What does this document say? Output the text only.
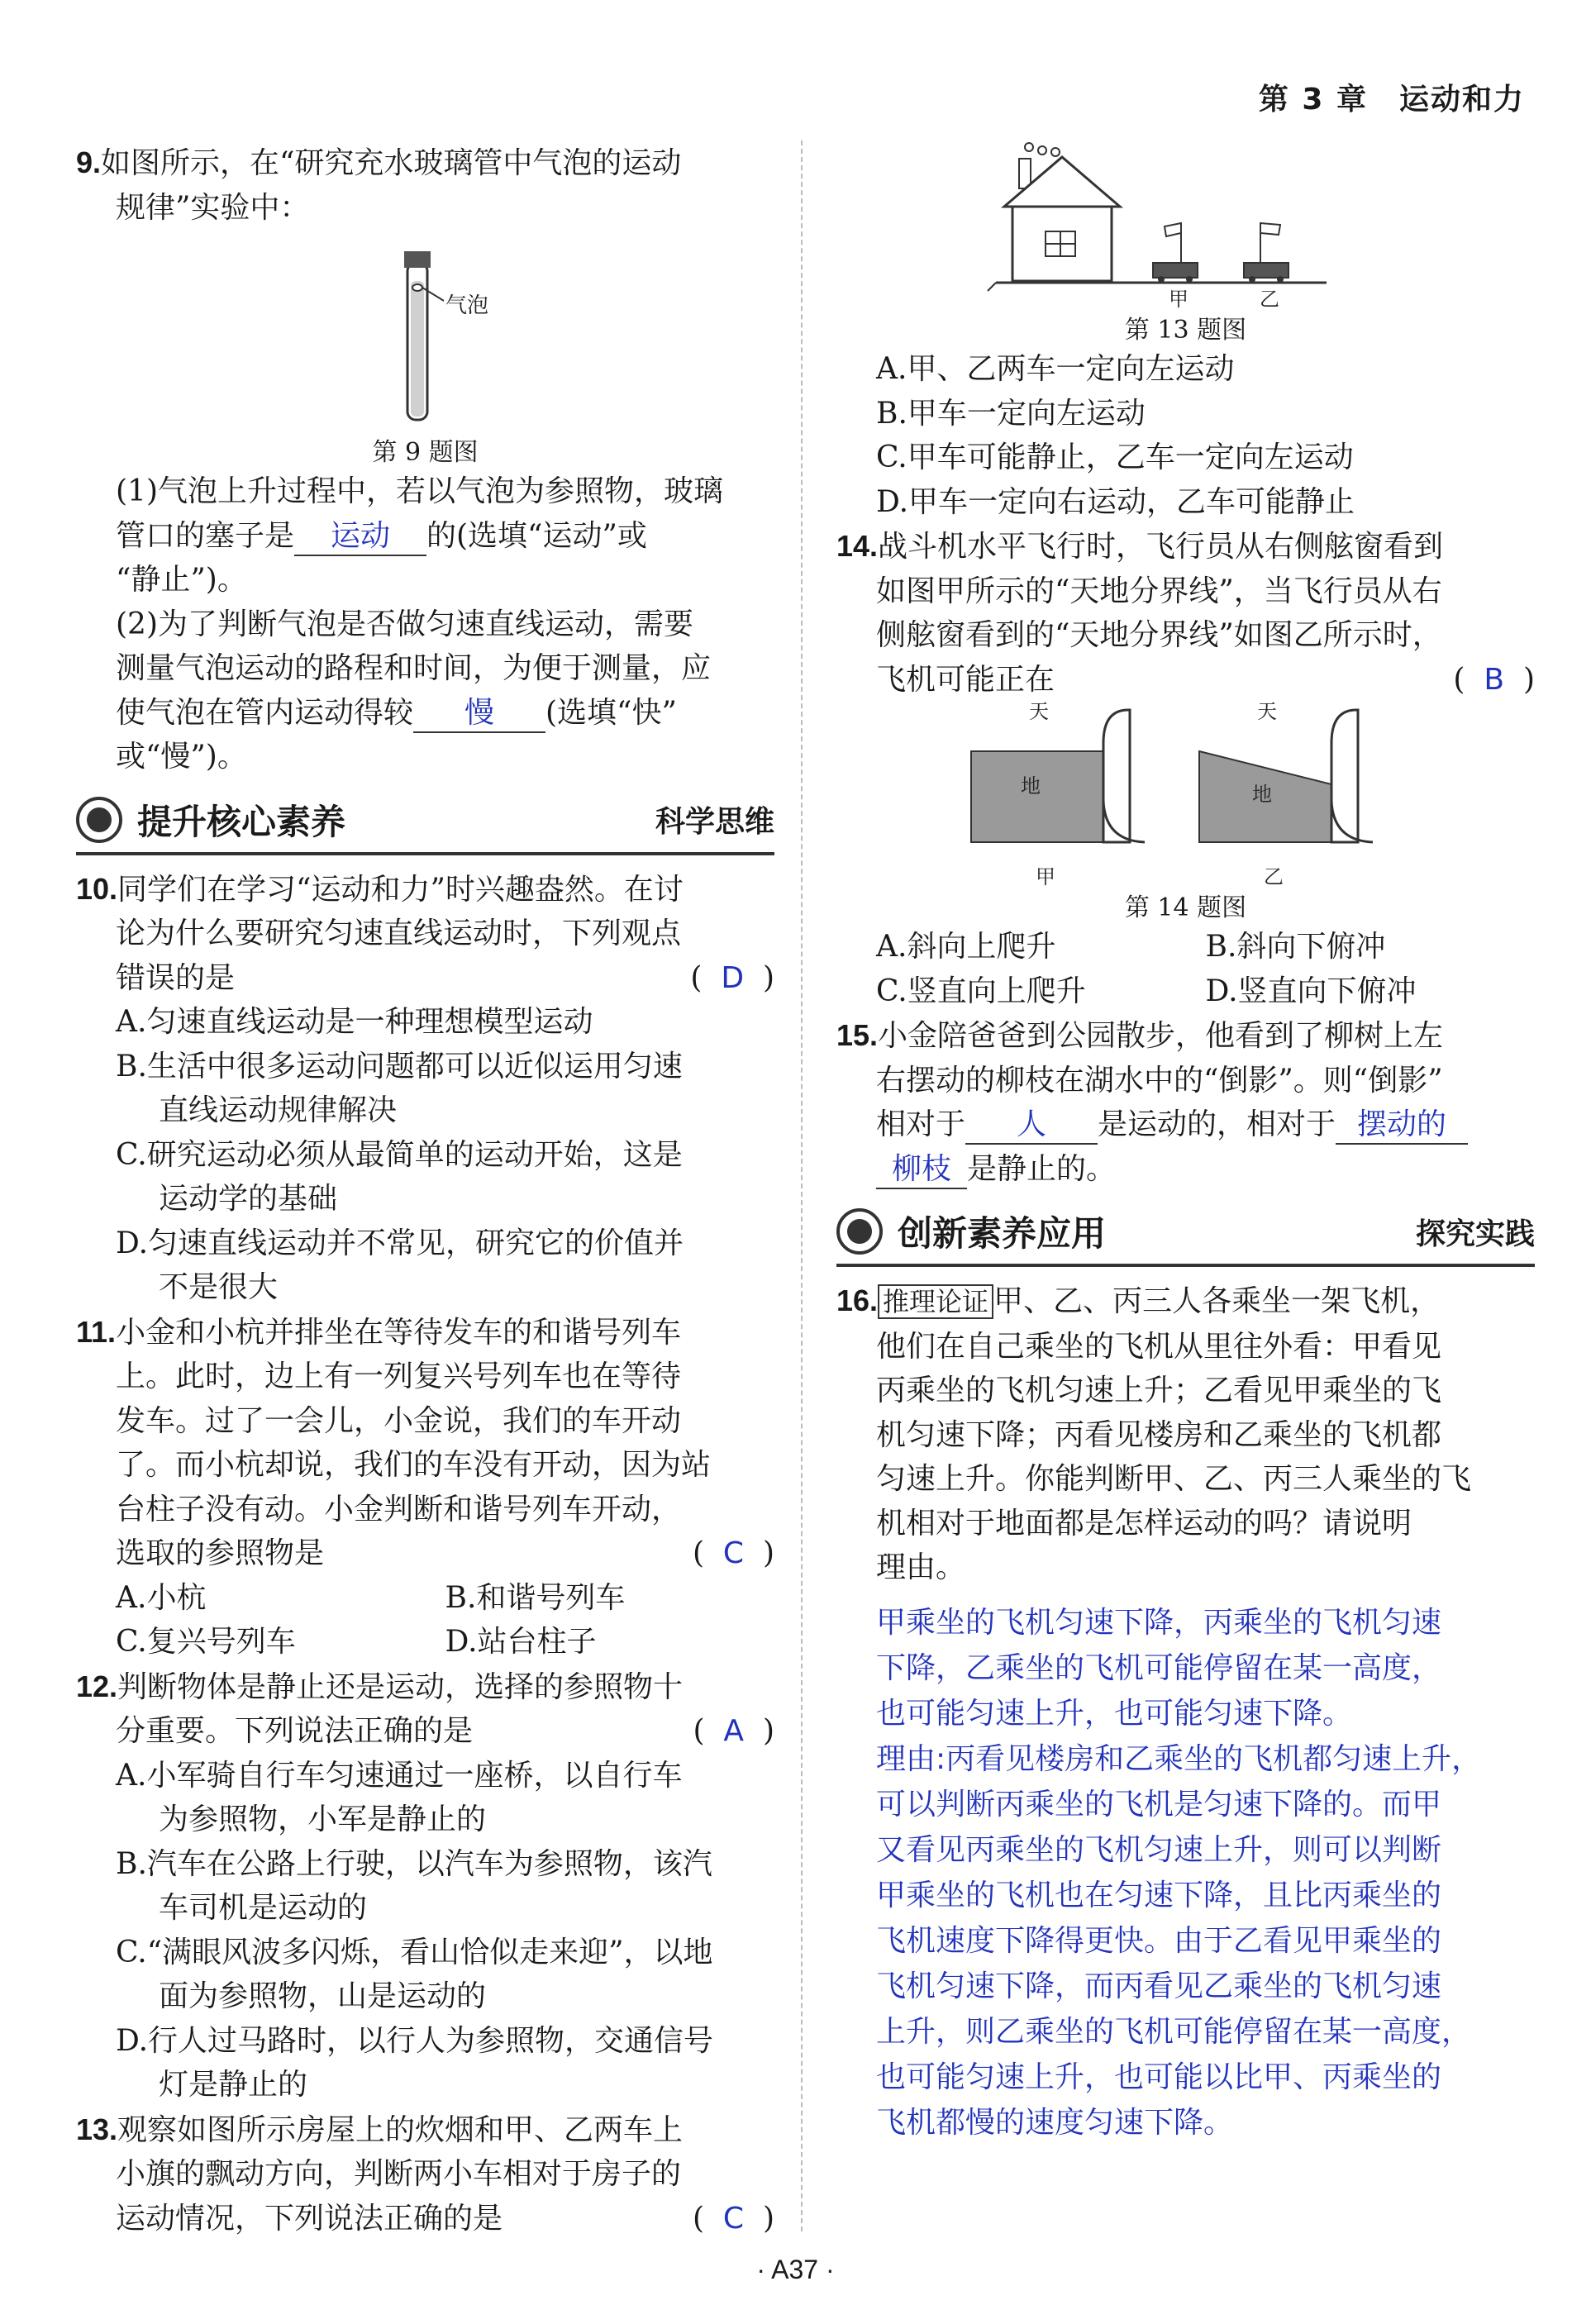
第 3 章　运动和力

9.如图所示，在“研究充水玻璃管中气泡的运动

规律”实验中：

气泡
第 9 题图

(1)气泡上升过程中，若以气泡为参照物，玻璃

管口的塞子是 运动 的(选填“运动”或

“静止”)。

(2)为了判断气泡是否做匀速直线运动，需要

测量气泡运动的路程和时间，为便于测量，应

使气泡在管内运动得较 慢 (选填“快”

或“慢”)。

提升核心素养	科学思维

10.同学们在学习“运动和力”时兴趣盎然。在讨

论为什么要研究匀速直线运动时，下列观点

错误的是	(  D  )

A.匀速直线运动是一种理想模型运动

B.生活中很多运动问题都可以近似运用匀速

直线运动规律解决

C.研究运动必须从最简单的运动开始，这是

运动学的基础

D.匀速直线运动并不常见，研究它的价值并

不是很大

11.小金和小杭并排坐在等待发车的和谐号列车

上。此时，边上有一列复兴号列车也在等待

发车。过了一会儿，小金说，我们的车开动

了。而小杭却说，我们的车没有开动，因为站

台柱子没有动。小金判断和谐号列车开动，

选取的参照物是	(  C  )

A.小杭	B.和谐号列车

C.复兴号列车	D.站台柱子

12.判断物体是静止还是运动，选择的参照物十

分重要。下列说法正确的是	(  A  )

A.小军骑自行车匀速通过一座桥，以自行车

为参照物，小军是静止的

B.汽车在公路上行驶，以汽车为参照物，该汽

车司机是运动的

C.“满眼风波多闪烁，看山恰似走来迎”，以地

面为参照物，山是运动的

D.行人过马路时，以行人为参照物，交通信号

灯是静止的

13.观察如图所示房屋上的炊烟和甲、乙两车上

小旗的飘动方向，判断两小车相对于房子的

运动情况，下列说法正确的是	(  C  )

甲	乙
第 13 题图

A.甲、乙两车一定向左运动

B.甲车一定向左运动

C.甲车可能静止，乙车一定向左运动

D.甲车一定向右运动，乙车可能静止

14.战斗机水平飞行时，飞行员从右侧舷窗看到

如图甲所示的“天地分界线”，当飞行员从右

侧舷窗看到的“天地分界线”如图乙所示时，

飞机可能正在	(  B  )

天
地
甲
天
地
乙
第 14 题图

A.斜向上爬升	B.斜向下俯冲

C.竖直向上爬升	D.竖直向下俯冲

15.小金陪爸爸到公园散步，他看到了柳树上左

右摆动的柳枝在湖水中的“倒影”。则“倒影”

相对于 人 是运动的，相对于 摆动的

柳枝 是静止的。

创新素养应用	探究实践

16. 推理论证 甲、乙、丙三人各乘坐一架飞机，

他们在自己乘坐的飞机从里往外看：甲看见

丙乘坐的飞机匀速上升；乙看见甲乘坐的飞

机匀速下降；丙看见楼房和乙乘坐的飞机都

匀速上升。你能判断甲、乙、丙三人乘坐的飞

机相对于地面都是怎样运动的吗？请说明

理由。

甲乘坐的飞机匀速下降，丙乘坐的飞机匀速
下降，乙乘坐的飞机可能停留在某一高度，
也可能匀速上升，也可能匀速下降。
理由:丙看见楼房和乙乘坐的飞机都匀速上升，
可以判断丙乘坐的飞机是匀速下降的。而甲
又看见丙乘坐的飞机匀速上升，则可以判断
甲乘坐的飞机也在匀速下降，且比丙乘坐的
飞机速度下降得更快。由于乙看见甲乘坐的
飞机匀速下降，而丙看见乙乘坐的飞机匀速
上升，则乙乘坐的飞机可能停留在某一高度，
也可能匀速上升，也可能以比甲、丙乘坐的
飞机都慢的速度匀速下降。
· A37 ·
